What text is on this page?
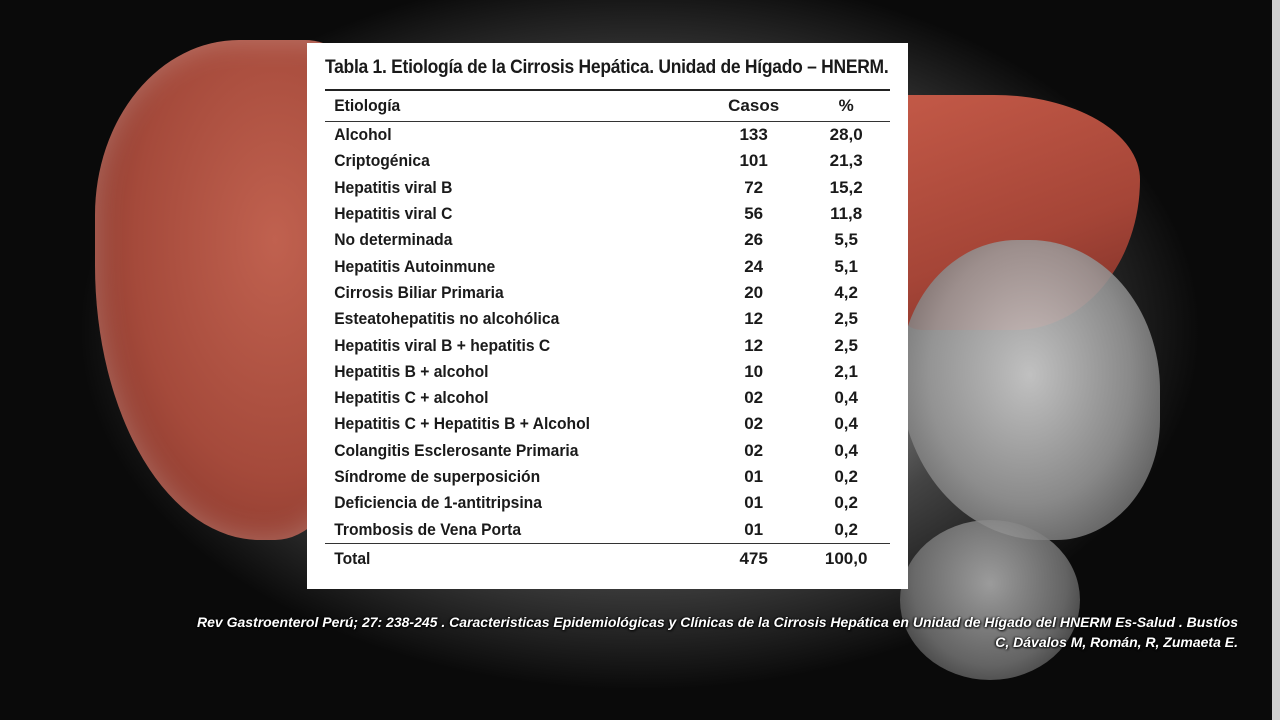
Tabla 1. Etiología de la Cirrosis Hepática. Unidad de Hígado – HNERM.
Etiología	Casos	%

Alcohol	133	28,0

Criptogénica	101	21,3

Hepatitis viral B	72	15,2

Hepatitis viral C	56	11,8

No determinada	26	5,5

Hepatitis Autoinmune	24	5,1

Cirrosis Biliar Primaria	20	4,2

Esteatohepatitis no alcohólica	12	2,5

Hepatitis viral B + hepatitis C	12	2,5

Hepatitis B + alcohol	10	2,1

Hepatitis C + alcohol	02	0,4

Hepatitis C + Hepatitis B + Alcohol	02	0,4

Colangitis Esclerosante Primaria	02	0,4

Síndrome de superposición	01	0,2

Deficiencia de 1-antitripsina	01	0,2

Trombosis de Vena Porta	01	0,2

Total	475	100,0
Rev Gastroenterol Perú; 27: 238-245 . Caracteristicas Epidemiológicas y Clínicas de la Cirrosis Hepática en Unidad de Hígado del HNERM Es-Salud . Bustíos
C, Dávalos M, Román, R, Zumaeta E.
